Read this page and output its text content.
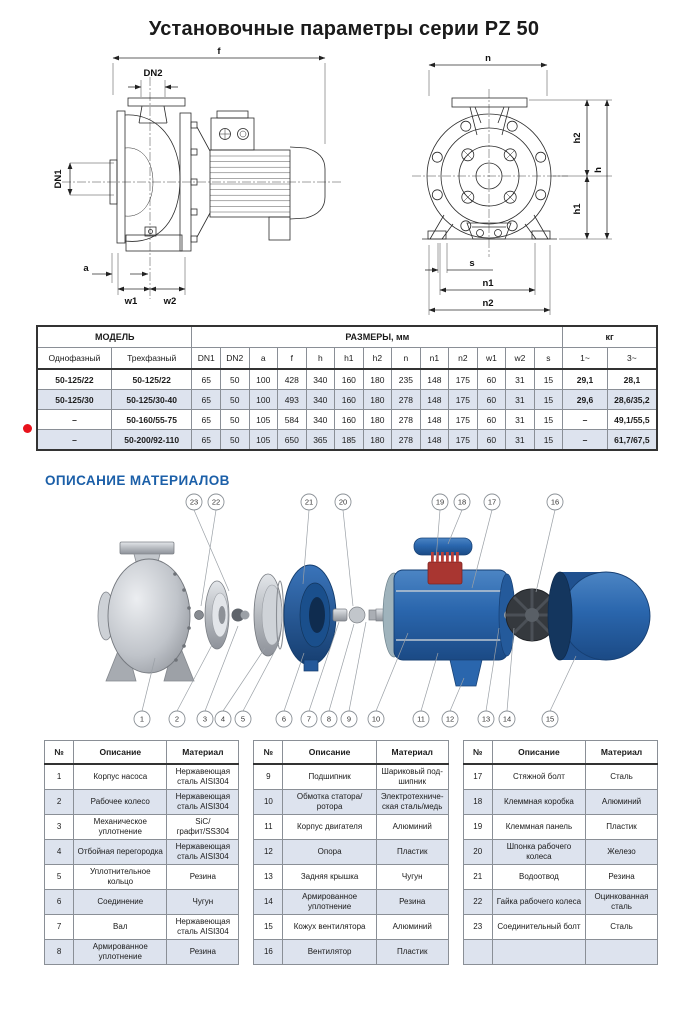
Установочные параметры серии PZ 50
f
DN2
DN1
a
w1	w2
n
h2
h
h1
s
n1
n2
МОДЕЛЬ		РАЗМЕРЫ, мм													кг	
Однофазный	Трехфазный	DN1	DN2	a	f	h	h1	h2	n	n1	n2	w1	w2	s	1~	3~
50-125/22	50-125/22	65	50	100	428	340	160	180	235	148	175	60	31	15	29,1	28,1
50-125/30	50-125/30-40	65	50	100	493	340	160	180	278	148	175	60	31	15	29,6	28,6/35,2
–	50-160/55-75	65	50	105	584	340	160	180	278	148	175	60	31	15	–	49,1/55,5
–	50-200/92-110	65	50	105	650	365	185	180	278	148	175	60	31	15	–	61,7/67,5
ОПИСАНИЕ МАТЕРИАЛОВ
1	2	3 4 5	6	7 8 9	10	11	12	13 14	15
16
17
18
19
20
21
22
23
№	Описание	Материал
1	Корпус насоса	Нержавеющая сталь AISI304
2	Рабочее колесо	Нержавеющая сталь AISI304
3	Механическое уплотнение	SiC/графит/SS304
4	Отбойная перегородка	Нержавеющая сталь AISI304
5	Уплотнительное кольцо	Резина
6	Соединение	Чугун
7	Вал	Нержавеющая сталь AISI304
8	Армированное уплотнение	Резина
№	Описание	Материал
9	Подшипник	Шариковый подшипник
10	Обмотка статора/ ротора	Электротехническая сталь/медь
11	Корпус двигателя	Алюминий
12	Опора	Пластик
13	Задняя крышка	Чугун
14	Армированное уплотнение	Резина
15	Кожух вентилятора	Алюминий
16	Вентилятор	Пластик
№	Описание	Материал
17	Стяжной болт	Сталь
18	Клеммная коробка	Алюминий
19	Клеммная панель	Пластик
20	Шпонка рабочего колеса	Железо
21	Водоотвод	Резина
22	Гайка рабочего колеса	Оцинкованная сталь
23	Соединительный болт	Сталь
